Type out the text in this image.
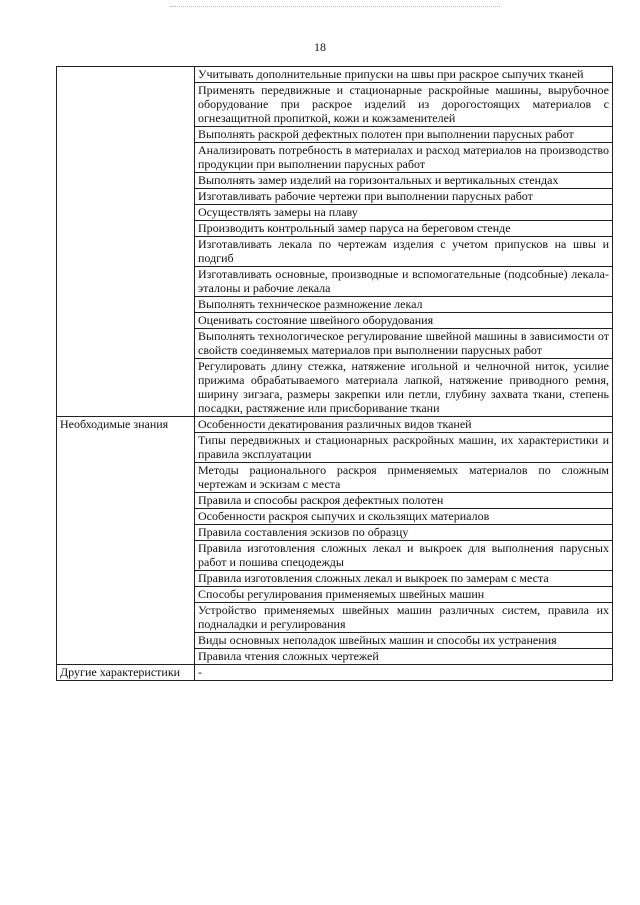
18
	Учитывать дополнительные припуски на швы при раскрое сыпучих тканей
	Применять передвижные и стационарные раскройные машины, вырубочное оборудование при раскрое изделий из дорогостоящих материалов с огнезащитной пропиткой, кожи и кожзаменителей
	Выполнять раскрой дефектных полотен при выполнении парусных работ
	Анализировать потребность в материалах и расход материалов на производство продукции при выполнении парусных работ
	Выполнять замер изделий на горизонтальных и вертикальных стендах
	Изготавливать рабочие чертежи при выполнении парусных работ
	Осуществлять замеры на плаву
	Производить контрольный замер паруса на береговом стенде
	Изготавливать лекала по чертежам изделия с учетом припусков на швы и подгиб
	Изготавливать основные, производные и вспомогательные (подсобные) лекала-эталоны и рабочие лекала
	Выполнять техническое размножение лекал
	Оценивать состояние швейного оборудования
	Выполнять технологическое регулирование швейной машины в зависимости от свойств соединяемых материалов при выполнении парусных работ
	Регулировать длину стежка, натяжение игольной и челночной ниток, усилие прижима обрабатываемого материала лапкой, натяжение приводного ремня, ширину зигзага, размеры закрепки или петли, глубину захвата ткани, степень посадки, растяжение или присборивание ткани
Необходимые знания	Особенности декатирования различных видов тканей
	Типы передвижных и стационарных раскройных машин, их характеристики и правила эксплуатации
	Методы рационального раскроя применяемых материалов по сложным чертежам и эскизам с места
	Правила и способы раскроя дефектных полотен
	Особенности раскроя сыпучих и скользящих материалов
	Правила составления эскизов по образцу
	Правила изготовления сложных лекал и выкроек для выполнения парусных работ и пошива спецодежды
	Правила изготовления сложных лекал и выкроек по замерам с места
	Способы регулирования применяемых швейных машин
	Устройство применяемых швейных машин различных систем, правила их подналадки и регулирования
	Виды основных неполадок швейных машин и способы их устранения
	Правила чтения сложных чертежей
Другие характеристики	-
